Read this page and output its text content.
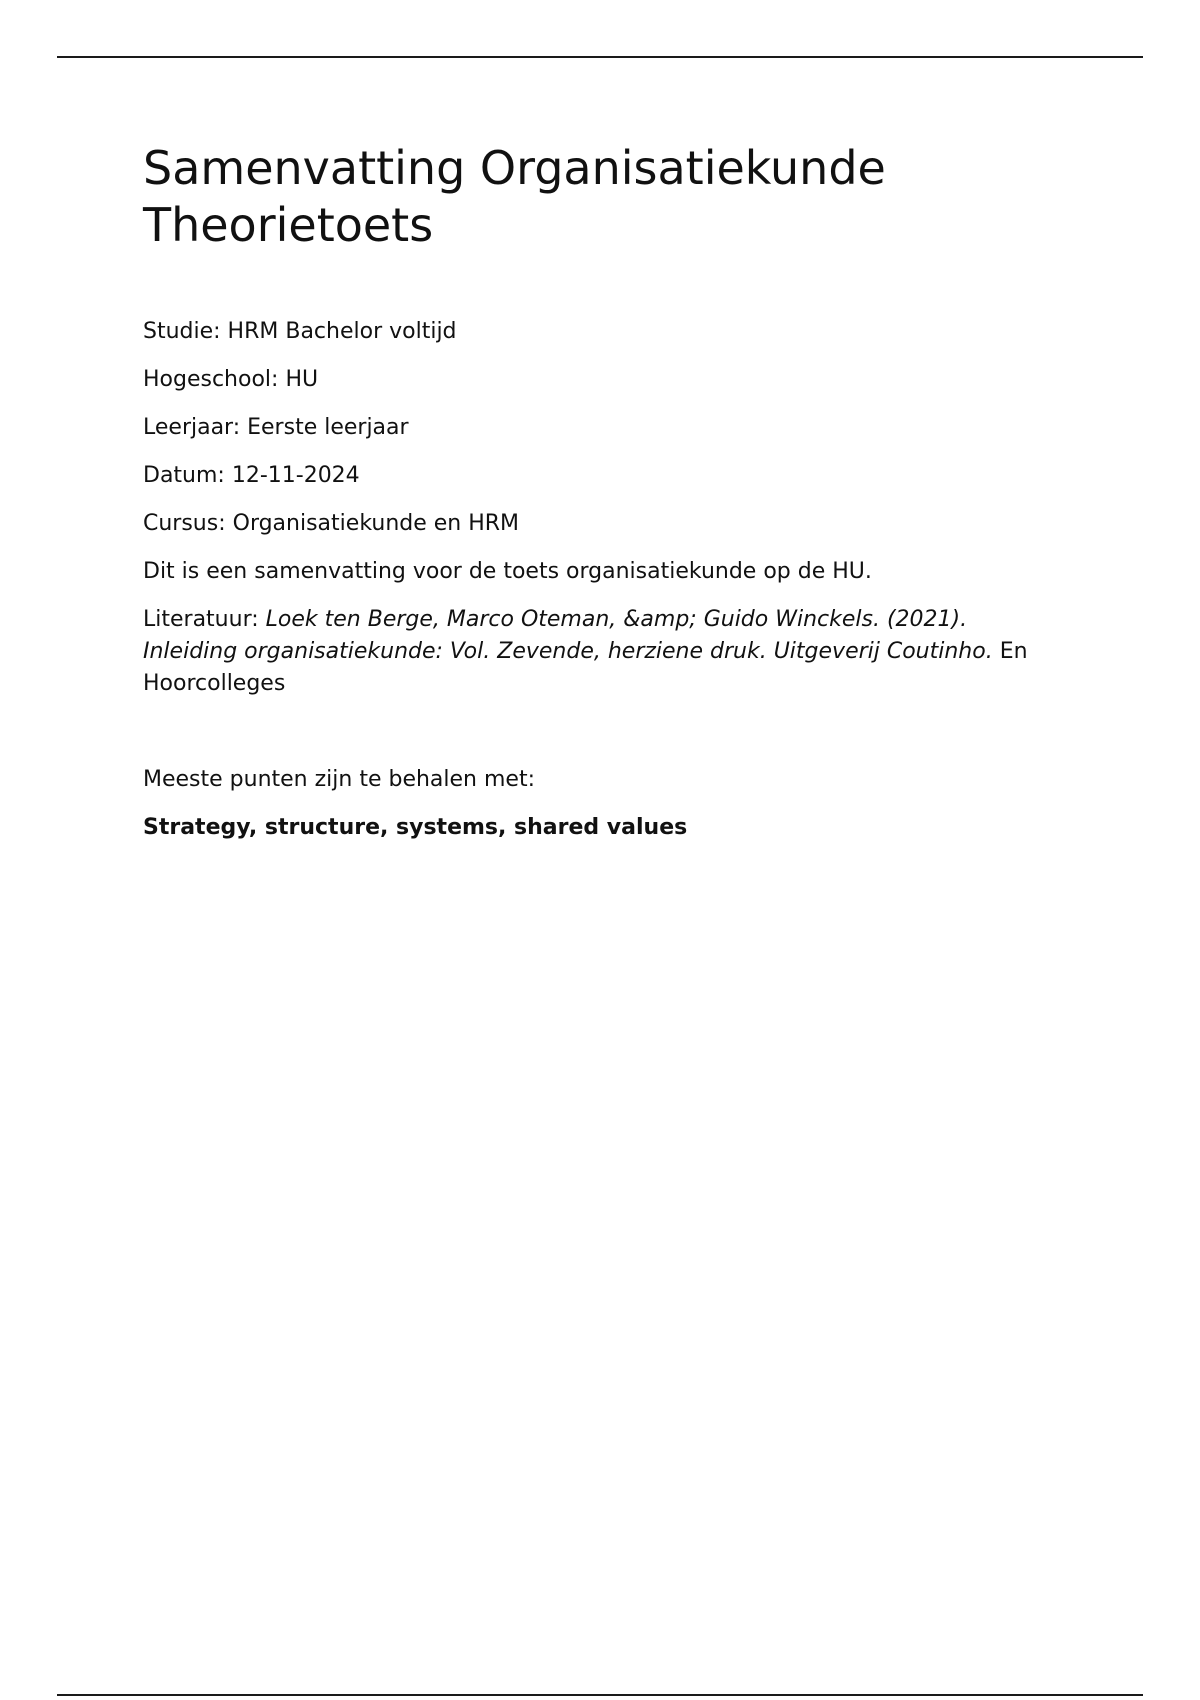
Samenvatting Organisatiekunde Theorietoets

Studie: HRM Bachelor voltijd

Hogeschool: HU

Leerjaar: Eerste leerjaar

Datum: 12-11-2024

Cursus: Organisatiekunde en HRM

Dit is een samenvatting voor de toets organisatiekunde op de HU.

Literatuur: Loek ten Berge, Marco Oteman, &amp; Guido Winckels. (2021). Inleiding organisatiekunde: Vol. Zevende, herziene druk. Uitgeverij Coutinho. En Hoorcolleges

Meeste punten zijn te behalen met:

Strategy, structure, systems, shared values
